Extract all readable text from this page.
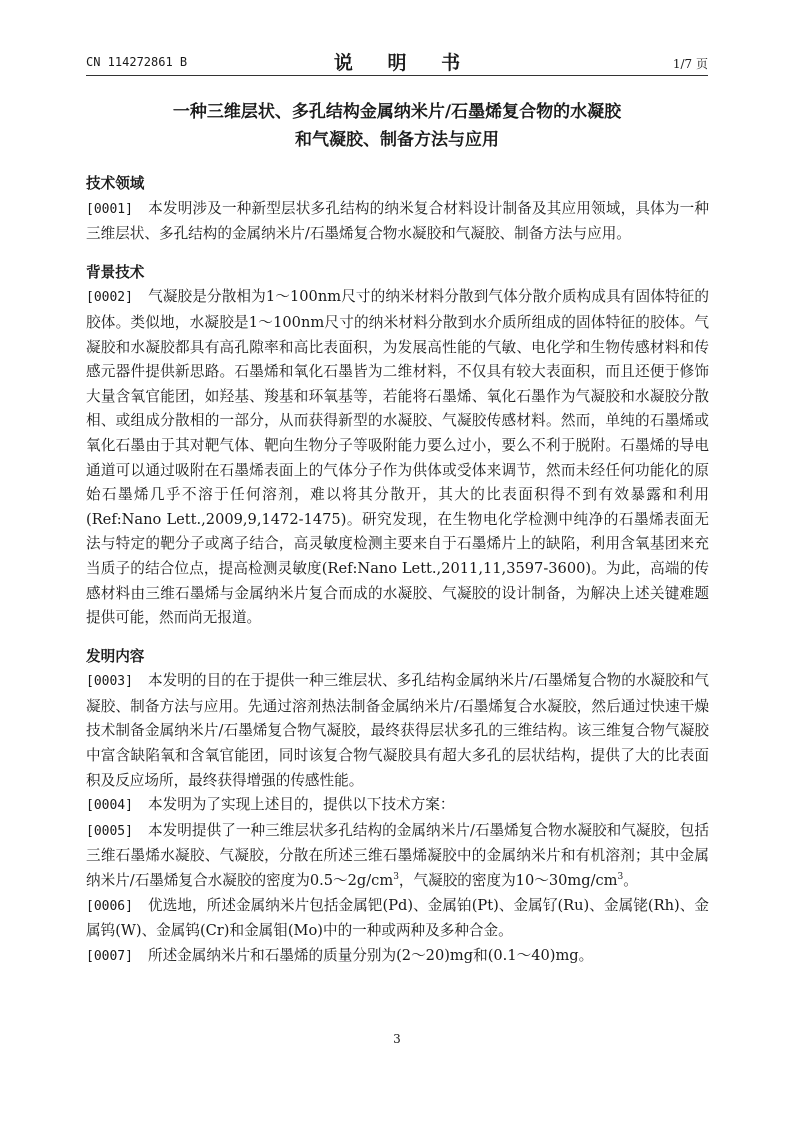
CN 114272861 B	说 明 书	1/7 页
一种三维层状、多孔结构金属纳米片/石墨烯复合物的水凝胶
和气凝胶、制备方法与应用
技术领域
[0001] 本发明涉及一种新型层状多孔结构的纳米复合材料设计制备及其应用领域，具体为一种三维层状、多孔结构的金属纳米片/石墨烯复合物水凝胶和气凝胶、制备方法与应用。
背景技术
[0002] 气凝胶是分散相为1～100nm尺寸的纳米材料分散到气体分散介质构成具有固体特征的胶体。类似地，水凝胶是1～100nm尺寸的纳米材料分散到水介质所组成的固体特征的胶体。气凝胶和水凝胶都具有高孔隙率和高比表面积，为发展高性能的气敏、电化学和生物传感材料和传感元器件提供新思路。石墨烯和氧化石墨皆为二维材料，不仅具有较大表面积，而且还便于修饰大量含氧官能团，如羟基、羧基和环氧基等，若能将石墨烯、氧化石墨作为气凝胶和水凝胶分散相、或组成分散相的一部分，从而获得新型的水凝胶、气凝胶传感材料。然而，单纯的石墨烯或氧化石墨由于其对靶气体、靶向生物分子等吸附能力要么过小，要么不利于脱附。石墨烯的导电通道可以通过吸附在石墨烯表面上的气体分子作为供体或受体来调节，然而未经任何功能化的原始石墨烯几乎不溶于任何溶剂，难以将其分散开，其大的比表面积得不到有效暴露和利用(Ref:Nano Lett.,2009,9,1472-1475)。研究发现，在生物电化学检测中纯净的石墨烯表面无法与特定的靶分子或离子结合，高灵敏度检测主要来自于石墨烯片上的缺陷，利用含氧基团来充当质子的结合位点，提高检测灵敏度(Ref:Nano Lett.,2011,11,3597-3600)。为此，高端的传感材料由三维石墨烯与金属纳米片复合而成的水凝胶、气凝胶的设计制备，为解决上述关键难题提供可能，然而尚无报道。
发明内容
[0003] 本发明的目的在于提供一种三维层状、多孔结构金属纳米片/石墨烯复合物的水凝胶和气凝胶、制备方法与应用。先通过溶剂热法制备金属纳米片/石墨烯复合水凝胶，然后通过快速干燥技术制备金属纳米片/石墨烯复合物气凝胶，最终获得层状多孔的三维结构。该三维复合物气凝胶中富含缺陷氧和含氧官能团，同时该复合物气凝胶具有超大多孔的层状结构，提供了大的比表面积及反应场所，最终获得增强的传感性能。
[0004] 本发明为了实现上述目的，提供以下技术方案：
[0005] 本发明提供了一种三维层状多孔结构的金属纳米片/石墨烯复合物水凝胶和气凝胶，包括三维石墨烯水凝胶、气凝胶，分散在所述三维石墨烯凝胶中的金属纳米片和有机溶剂；其中金属纳米片/石墨烯复合水凝胶的密度为$0.5\sim 2g/cm^3$，气凝胶的密度为$10\sim 30mg/cm^3$。
[0006] 优选地，所述金属纳米片包括金属钯(Pd)、金属铂(Pt)、金属钌(Ru)、金属铑(Rh)、金属钨(W)、金属钨(Cr)和金属钼(Mo)中的一种或两种及多种合金。
[0007] 所述金属纳米片和石墨烯的质量分别为(2～20)mg和(0.1～40)mg。
3
